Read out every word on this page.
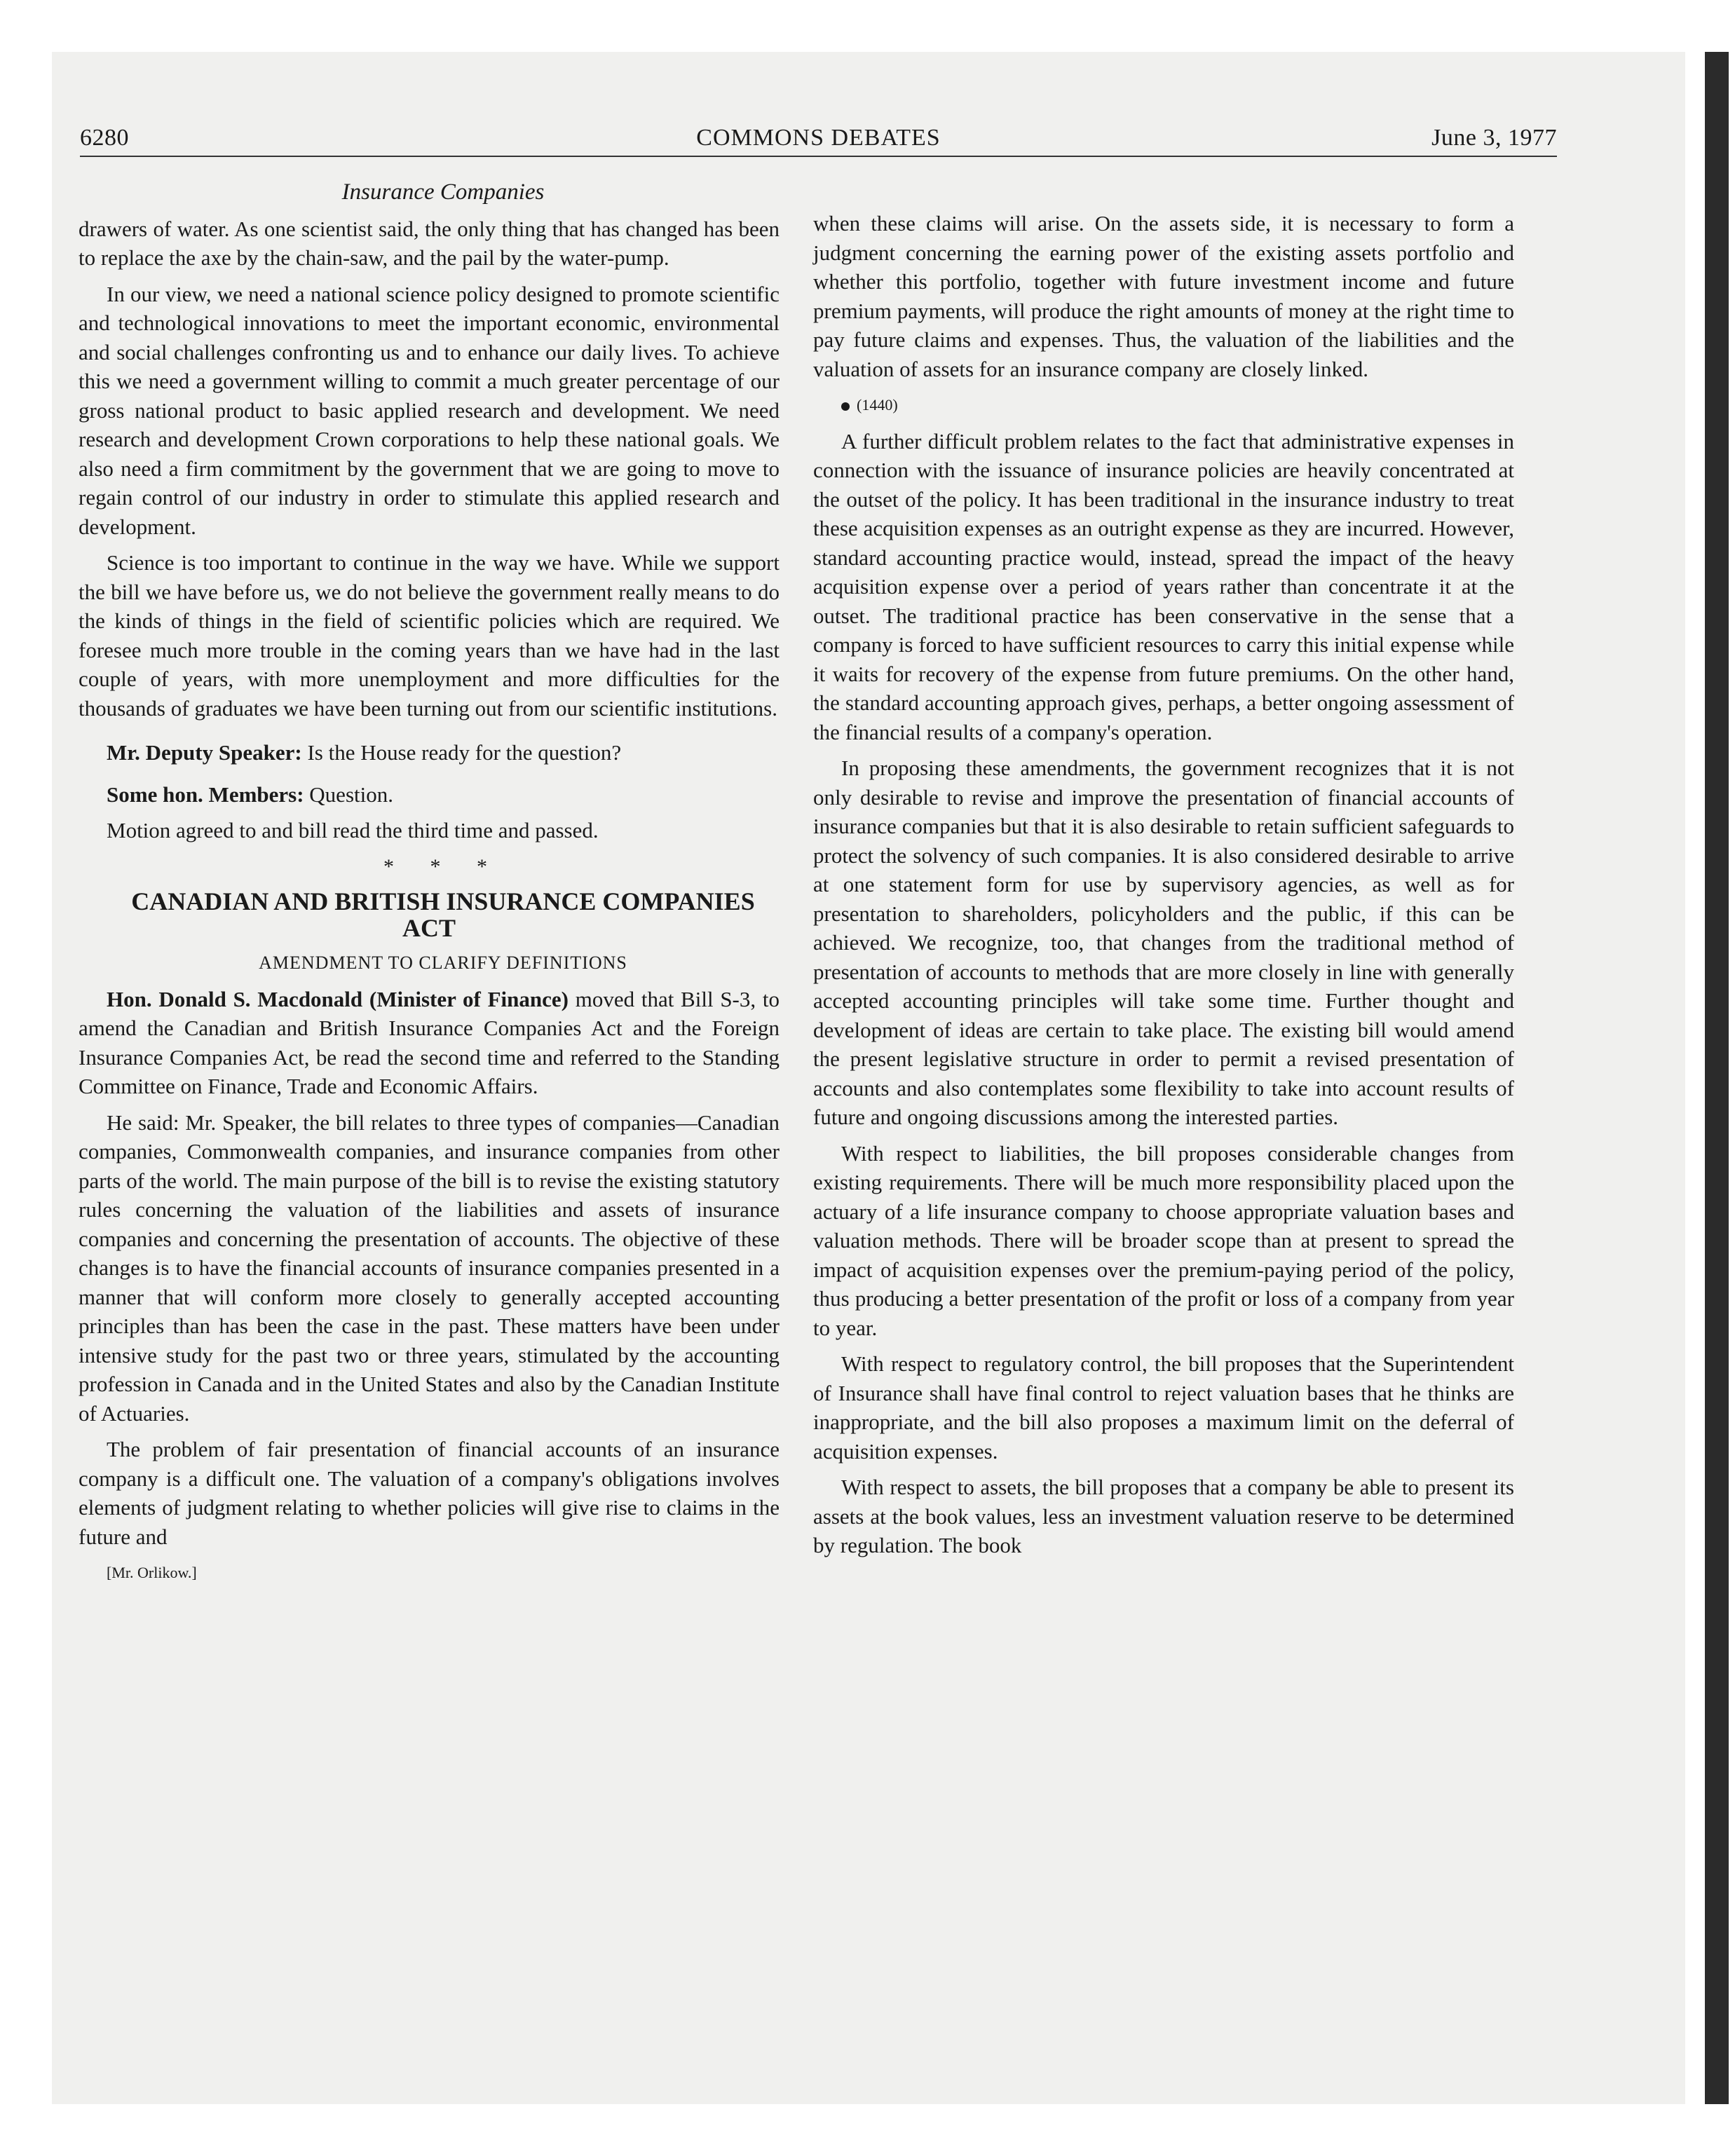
6280	COMMONS DEBATES	June 3, 1977

Insurance Companies

drawers of water. As one scientist said, the only thing that has changed has been to replace the axe by the chain-saw, and the pail by the water-pump.

In our view, we need a national science policy designed to promote scientific and technological innovations to meet the important economic, environmental and social challenges confronting us and to enhance our daily lives. To achieve this we need a government willing to commit a much greater percentage of our gross national product to basic applied research and development. We need research and development Crown corporations to help these national goals. We also need a firm commitment by the government that we are going to move to regain control of our industry in order to stimulate this applied research and development.

Science is too important to continue in the way we have. While we support the bill we have before us, we do not believe the government really means to do the kinds of things in the field of scientific policies which are required. We foresee much more trouble in the coming years than we have had in the last couple of years, with more unemployment and more difficulties for the thousands of graduates we have been turning out from our scientific institutions.

Mr. Deputy Speaker: Is the House ready for the question?

Some hon. Members: Question.

Motion agreed to and bill read the third time and passed.

* * *

CANADIAN AND BRITISH INSURANCE COMPANIES ACT

AMENDMENT TO CLARIFY DEFINITIONS

Hon. Donald S. Macdonald (Minister of Finance) moved that Bill S-3, to amend the Canadian and British Insurance Companies Act and the Foreign Insurance Companies Act, be read the second time and referred to the Standing Committee on Finance, Trade and Economic Affairs.

He said: Mr. Speaker, the bill relates to three types of companies—Canadian companies, Commonwealth companies, and insurance companies from other parts of the world. The main purpose of the bill is to revise the existing statutory rules concerning the valuation of the liabilities and assets of insurance companies and concerning the presentation of accounts. The objective of these changes is to have the financial accounts of insurance companies presented in a manner that will conform more closely to generally accepted accounting principles than has been the case in the past. These matters have been under intensive study for the past two or three years, stimulated by the accounting profession in Canada and in the United States and also by the Canadian Institute of Actuaries.

The problem of fair presentation of financial accounts of an insurance company is a difficult one. The valuation of a company's obligations involves elements of judgment relating to whether policies will give rise to claims in the future and

[Mr. Orlikow.]

when these claims will arise. On the assets side, it is necessary to form a judgment concerning the earning power of the existing assets portfolio and whether this portfolio, together with future investment income and future premium payments, will produce the right amounts of money at the right time to pay future claims and expenses. Thus, the valuation of the liabilities and the valuation of assets for an insurance company are closely linked.

(1440)

A further difficult problem relates to the fact that administrative expenses in connection with the issuance of insurance policies are heavily concentrated at the outset of the policy. It has been traditional in the insurance industry to treat these acquisition expenses as an outright expense as they are incurred. However, standard accounting practice would, instead, spread the impact of the heavy acquisition expense over a period of years rather than concentrate it at the outset. The traditional practice has been conservative in the sense that a company is forced to have sufficient resources to carry this initial expense while it waits for recovery of the expense from future premiums. On the other hand, the standard accounting approach gives, perhaps, a better ongoing assessment of the financial results of a company's operation.

In proposing these amendments, the government recognizes that it is not only desirable to revise and improve the presentation of financial accounts of insurance companies but that it is also desirable to retain sufficient safeguards to protect the solvency of such companies. It is also considered desirable to arrive at one statement form for use by supervisory agencies, as well as for presentation to shareholders, policyholders and the public, if this can be achieved. We recognize, too, that changes from the traditional method of presentation of accounts to methods that are more closely in line with generally accepted accounting principles will take some time. Further thought and development of ideas are certain to take place. The existing bill would amend the present legislative structure in order to permit a revised presentation of accounts and also contemplates some flexibility to take into account results of future and ongoing discussions among the interested parties.

With respect to liabilities, the bill proposes considerable changes from existing requirements. There will be much more responsibility placed upon the actuary of a life insurance company to choose appropriate valuation bases and valuation methods. There will be broader scope than at present to spread the impact of acquisition expenses over the premium-paying period of the policy, thus producing a better presentation of the profit or loss of a company from year to year.

With respect to regulatory control, the bill proposes that the Superintendent of Insurance shall have final control to reject valuation bases that he thinks are inappropriate, and the bill also proposes a maximum limit on the deferral of acquisition expenses.

With respect to assets, the bill proposes that a company be able to present its assets at the book values, less an investment valuation reserve to be determined by regulation. The book
